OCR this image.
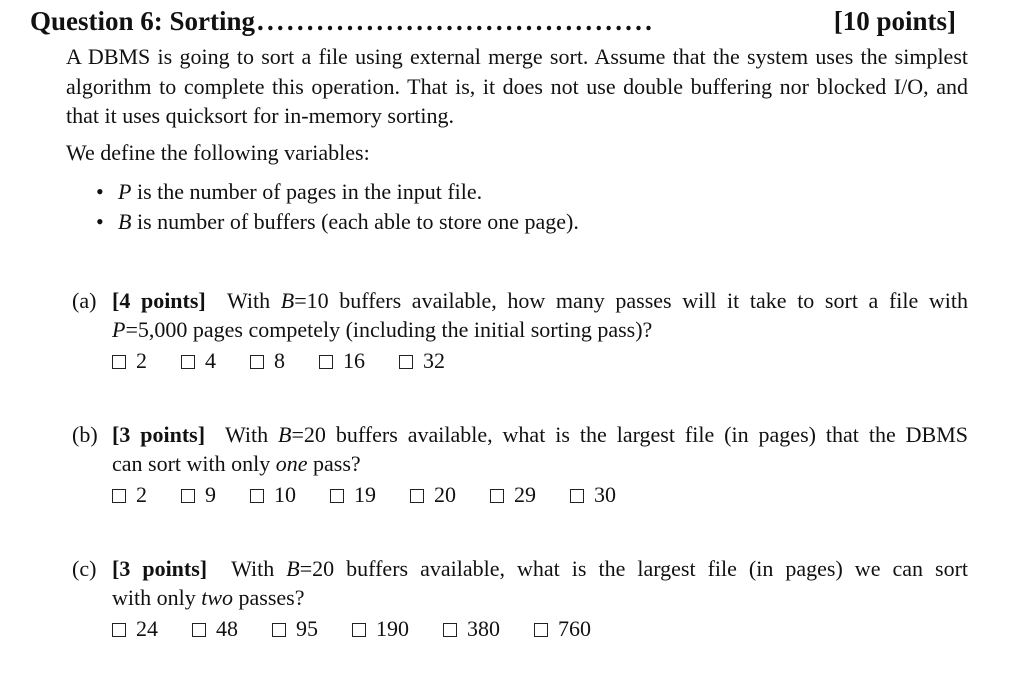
Question 6: Sorting ........................................	[10 points]

A DBMS is going to sort a file using external merge sort. Assume that the system uses the simplest algorithm to complete this operation. That is, it does not use double buffering nor blocked I/O, and that it uses quicksort for in-memory sorting.

We define the following variables:

• P is the number of pages in the input file.
• B is number of buffers (each able to store one page).
(a) [4 points] With B=10 buffers available, how many passes will it take to sort a file with
P=5,000 pages competely (including the initial sorting pass)?
2	4	8	16	32
(b) [3 points] With B=20 buffers available, what is the largest file (in pages) that the DBMS
can sort with only one pass?
2	9	10	19	20	29	30
(c) [3 points] With B=20 buffers available, what is the largest file (in pages) we can sort
with only two passes?
24	48	95	190	380	760
